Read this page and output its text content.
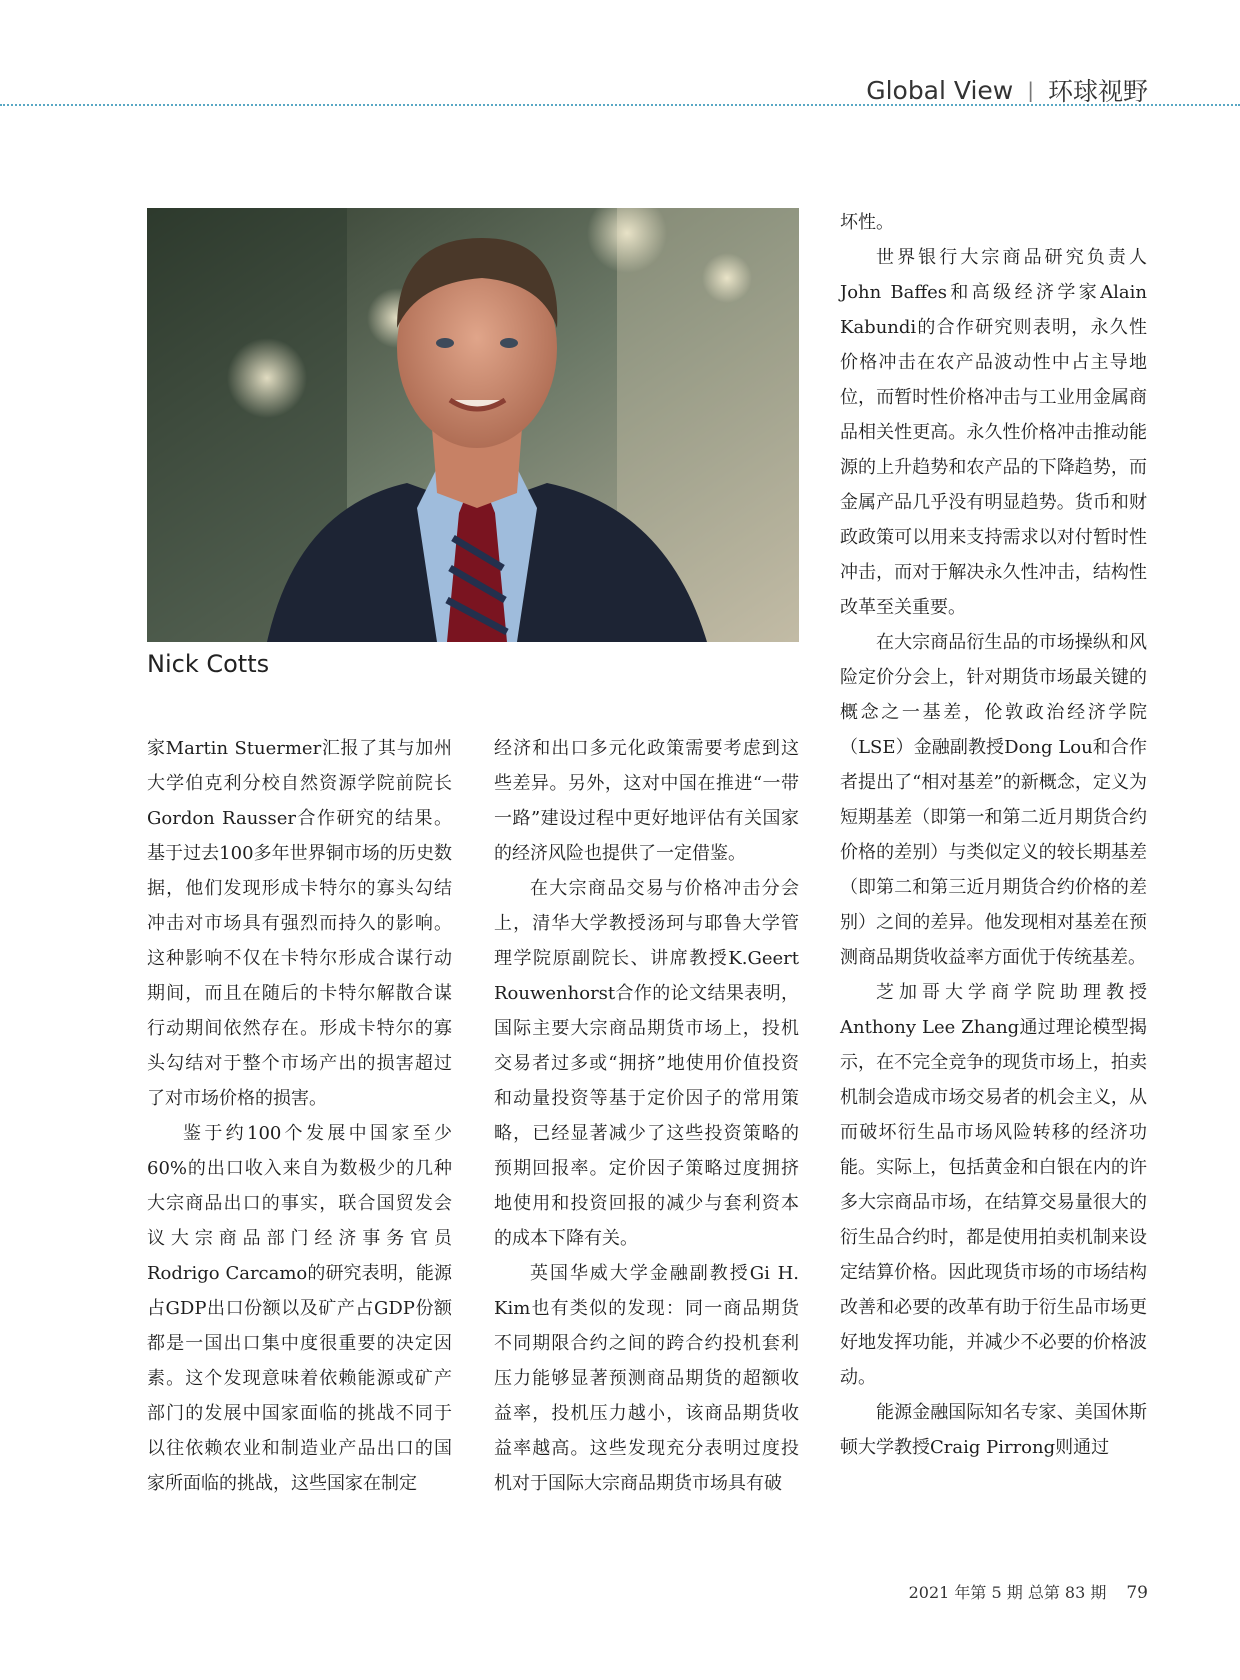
Global View | 环球视野
Nick Cotts

家Martin Stuermer汇报了其与加州大学伯克利分校自然资源学院前院长Gordon Rausser合作研究的结果。基于过去100多年世界铜市场的历史数据，他们发现形成卡特尔的寡头勾结冲击对市场具有强烈而持久的影响。这种影响不仅在卡特尔形成合谋行动期间，而且在随后的卡特尔解散合谋行动期间依然存在。形成卡特尔的寡头勾结对于整个市场产出的损害超过了对市场价格的损害。

鉴于约100个发展中国家至少60%的出口收入来自为数极少的几种大宗商品出口的事实，联合国贸发会议大宗商品部门经济事务官员Rodrigo Carcamo的研究表明，能源占GDP出口份额以及矿产占GDP份额都是一国出口集中度很重要的决定因素。这个发现意味着依赖能源或矿产部门的发展中国家面临的挑战不同于以往依赖农业和制造业产品出口的国家所面临的挑战，这些国家在制定

经济和出口多元化政策需要考虑到这些差异。另外，这对中国在推进“一带一路”建设过程中更好地评估有关国家的经济风险也提供了一定借鉴。

在大宗商品交易与价格冲击分会上，清华大学教授汤珂与耶鲁大学管理学院原副院长、讲席教授K.Geert Rouwenhorst合作的论文结果表明，国际主要大宗商品期货市场上，投机交易者过多或“拥挤”地使用价值投资和动量投资等基于定价因子的常用策略，已经显著减少了这些投资策略的预期回报率。定价因子策略过度拥挤地使用和投资回报的减少与套利资本的成本下降有关。

英国华威大学金融副教授Gi H. Kim也有类似的发现：同一商品期货不同期限合约之间的跨合约投机套利压力能够显著预测商品期货的超额收益率，投机压力越小，该商品期货收益率越高。这些发现充分表明过度投机对于国际大宗商品期货市场具有破

坏性。

世界银行大宗商品研究负责人John Baffes和高级经济学家Alain Kabundi的合作研究则表明，永久性价格冲击在农产品波动性中占主导地位，而暂时性价格冲击与工业用金属商品相关性更高。永久性价格冲击推动能源的上升趋势和农产品的下降趋势，而金属产品几乎没有明显趋势。货币和财政政策可以用来支持需求以对付暂时性冲击，而对于解决永久性冲击，结构性改革至关重要。

在大宗商品衍生品的市场操纵和风险定价分会上，针对期货市场最关键的概念之一基差，伦敦政治经济学院（LSE）金融副教授Dong Lou和合作者提出了“相对基差”的新概念，定义为短期基差（即第一和第二近月期货合约价格的差别）与类似定义的较长期基差（即第二和第三近月期货合约价格的差别）之间的差异。他发现相对基差在预测商品期货收益率方面优于传统基差。

芝加哥大学商学院助理教授Anthony Lee Zhang通过理论模型揭示，在不完全竞争的现货市场上，拍卖机制会造成市场交易者的机会主义，从而破坏衍生品市场风险转移的经济功能。实际上，包括黄金和白银在内的许多大宗商品市场，在结算交易量很大的衍生品合约时，都是使用拍卖机制来设定结算价格。因此现货市场的市场结构改善和必要的改革有助于衍生品市场更好地发挥功能，并减少不必要的价格波动。

能源金融国际知名专家、美国休斯顿大学教授Craig Pirrong则通过

2021 年第 5 期 总第 83 期 79
